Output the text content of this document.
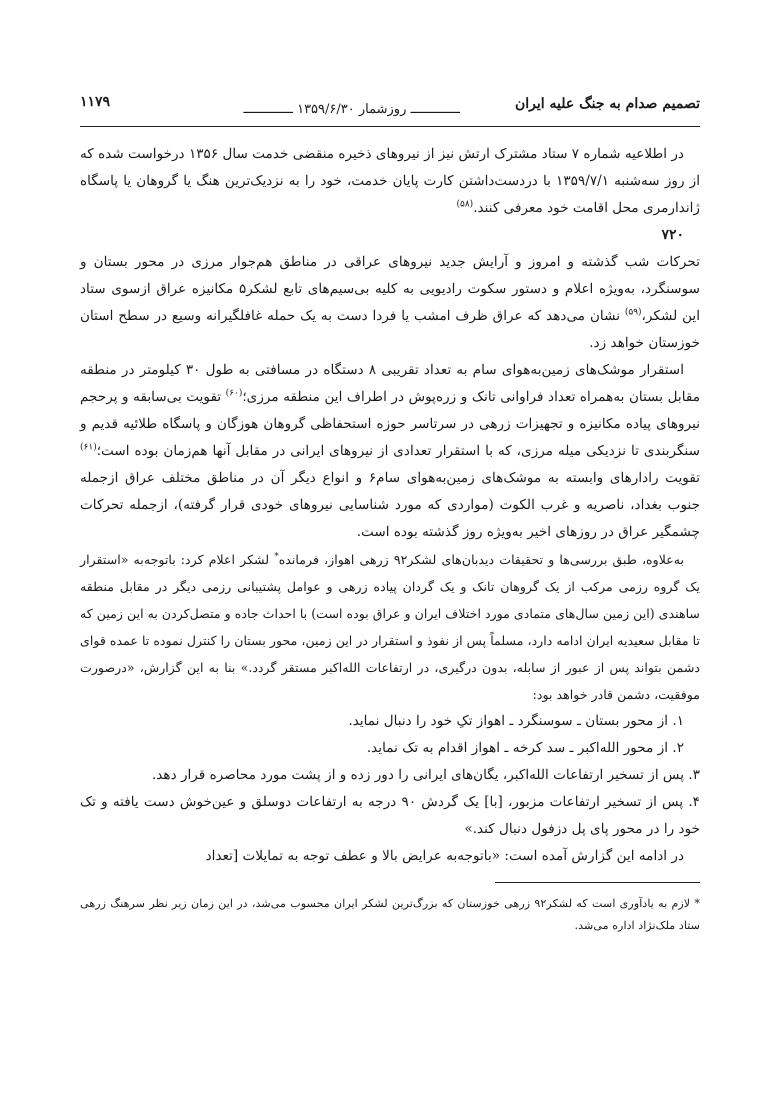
تصمیم صدام به جنگ علیه ایران
ـــــــــــــ روزشمار ۱۳۵۹/۶/۳۰ ـــــــــــــ
۱۱۷۹

در اطلاعیه شماره ۷ ستاد مشترک ارتش نیز از نیروهای ذخیره منقضی خدمت سال ۱۳۵۶ درخواست شده که از روز سه‌شنبه ۱۳۵۹/۷/۱ با دردست‌داشتن کارت پایان خدمت، خود را به نزدیک‌ترین هنگ یا گروهان یا پاسگاه ژاندارمری محل اقامت خود معرفی کنند.$^{(۵۸)}$

۷۲۰

تحرکات شب گذشته و امروز و آرایش جدید نیروهای عراقی در مناطق هم‌جوار مرزی در محور بستان و سوسنگرد، به‌ویژه اعلام و دستور سکوت رادیویی به کلیه بی‌سیم‌های تابع لشکر۵ مکانیزه عراق ازسوی ستاد این لشکر،$^{(۵۹)}$ نشان می‌دهد که عراق ظرف امشب یا فردا دست به یک حمله غافلگیرانه وسیع در سطح استان خوزستان خواهد زد.

استقرار موشک‌های زمین‌به‌هوای سام به تعداد تقریبی ۸ دستگاه در مسافتی به طول ۳۰ کیلومتر در منطقه مقابل بستان به‌همراه تعداد فراوانی تانک و زره‌پوش در اطراف این منطقه مرزی؛$^{(۶۰)}$ تقویت بی‌سابقه و پرحجم نیروهای پیاده مکانیزه و تجهیزات زرهی در سرتاسر حوزه استحفاظی گروهان هوزگان و پاسگاه طلائیه قدیم و سنگربندی تا نزدیکی میله مرزی، که با استقرار تعدادی از نیروهای ایرانی در مقابل آنها هم‌زمان بوده است؛$^{(۶۱)}$ تقویت رادارهای وابسته به موشک‌های زمین‌به‌هوای سام۶ و انواع دیگر آن در مناطق مختلف عراق ازجمله جنوب بغداد، ناصریه و غرب الکوت (مواردی که مورد شناسایی نیروهای خودی قرار گرفته)، ازجمله تحرکات چشمگیر عراق در روزهای اخیر به‌ویژه روز گذشته بوده است.

به‌علاوه، طبق بررسی‌ها و تحقیقات دیدبان‌های لشکر۹۲ زرهی اهواز، فرمانده* لشکر اعلام کرد: باتوجه‌به «استقرار یک گروه رزمی مرکب از یک گروهان تانک و یک گردان پیاده زرهی و عوامل پشتیبانی رزمی دیگر در مقابل منطقه ساهندی (این زمین سال‌های متمادی مورد اختلاف ایران و عراق بوده است) با احداث جاده و متصل‌کردن به این زمین که تا مقابل سعیدیه ایران ادامه دارد، مسلماً پس از نفوذ و استقرار در این زمین، محور بستان را کنترل نموده تا عمده قوای دشمن بتواند پس از عبور از سابله، بدون درگیری، در ارتفاعات الله‌اکبر مستقر گردد.» بنا به این گزارش، «درصورت موفقیت، دشمن قادر خواهد بود:

۱. از محور بستان ـ سوسنگرد ـ اهواز تکِ خود را دنبال نماید.

۲. از محور الله‌اکبر ـ سد کرخه ـ اهواز اقدام به تک نماید.

۳. پس از تسخیر ارتفاعات الله‌اکبر، یگان‌های ایرانی را دور زده و از پشت مورد محاصره قرار دهد.

۴. پس از تسخیر ارتفاعات مزبور، [با] یک گردش ۹۰ درجه به ارتفاعات دوسلق و عین‌خوش دست یافته و تک خود را در محور پای پل دزفول دنبال کند.»

در ادامه این گزارش آمده است: «باتوجه‌به عرایض بالا و عطف توجه به تمایلات [تعداد

* لازم به یادآوری است که لشکر۹۲ زرهی خوزستان که بزرگ‌ترین لشکر ایران محسوب می‌شد، در این زمان زیر نظر سرهنگ زرهی ستاد ملک‌نژاد اداره می‌شد.
